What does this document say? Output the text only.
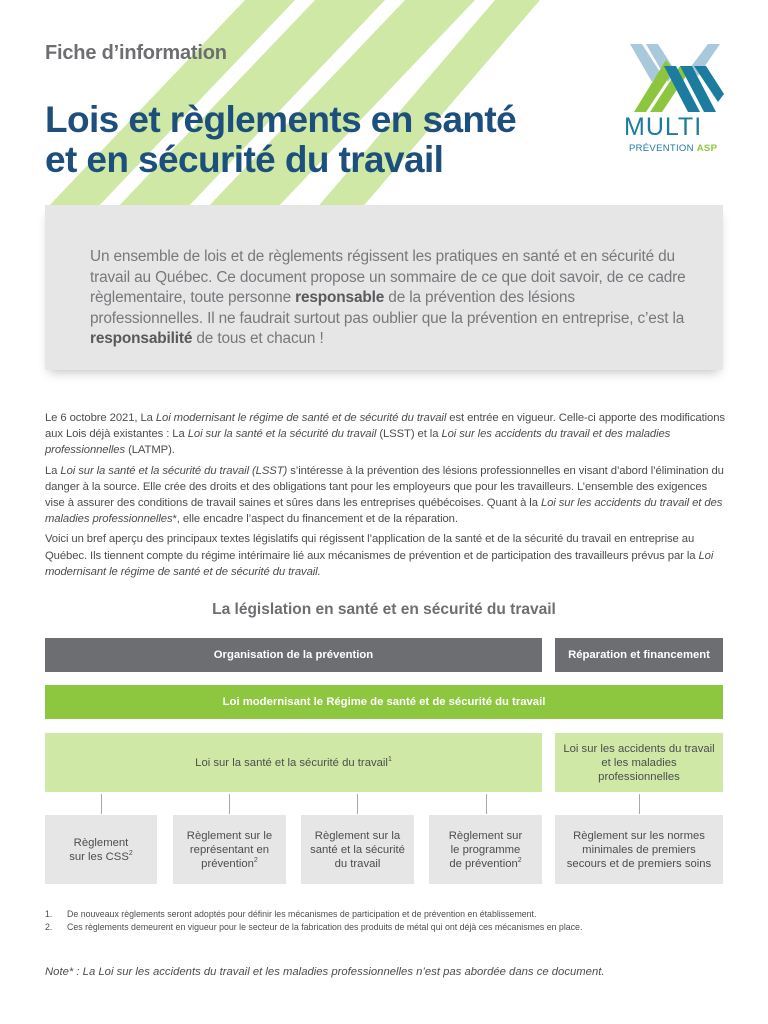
Fiche d’information
Lois et règlements en santé
et en sécurité du travail
MULTI
PRÉVENTION ASP

Un ensemble de lois et de règlements régissent les pratiques en santé et en sécurité du travail au Québec. Ce document propose un sommaire de ce que doit savoir, de ce cadre règlementaire, toute personne responsable de la prévention des lésions professionnelles. Il ne faudrait surtout pas oublier que la prévention en entreprise, c’est la responsabilité de tous et chacun !

Le 6 octobre 2021, La Loi modernisant le régime de santé et de sécurité du travail est entrée en vigueur. Celle-ci apporte des modifications aux Lois déjà existantes : La Loi sur la santé et la sécurité du travail (LSST) et la Loi sur les accidents du travail et des maladies professionnelles (LATMP).

La Loi sur la santé et la sécurité du travail (LSST) s’intéresse à la prévention des lésions professionnelles en visant d’abord l’élimination du danger à la source. Elle crée des droits et des obligations tant pour les employeurs que pour les travailleurs. L’ensemble des exigences vise à assurer des conditions de travail saines et sûres dans les entreprises québécoises. Quant à la Loi sur les accidents du travail et des maladies professionnelles*, elle encadre l’aspect du financement et de la réparation.

Voici un bref aperçu des principaux textes législatifs qui régissent l’application de la santé et de la sécurité du travail en entreprise au Québec. Ils tiennent compte du régime intérimaire lié aux mécanismes de prévention et de participation des travailleurs prévus par la Loi modernisant le régime de santé et de sécurité du travail.

La législation en santé et en sécurité du travail
Organisation de la prévention	Réparation et financement
Loi modernisant le Régime de santé et de sécurité du travail
Loi sur la santé et la sécurité du travail$^1$
Loi sur les accidents du travail et les maladies professionnelles
Règlement sur les CSS$^2$
Règlement sur le représentant en prévention$^2$
Règlement sur la santé et la sécurité du travail
Règlement sur le programme de prévention$^2$
Règlement sur les normes minimales de premiers secours et de premiers soins
1.	De nouveaux règlements seront adoptés pour définir les mécanismes de participation et de prévention en établissement.
2.	Ces règlements demeurent en vigueur pour le secteur de la fabrication des produits de métal qui ont déjà ces mécanismes en place.
Note* : La Loi sur les accidents du travail et les maladies professionnelles n’est pas abordée dans ce document.
